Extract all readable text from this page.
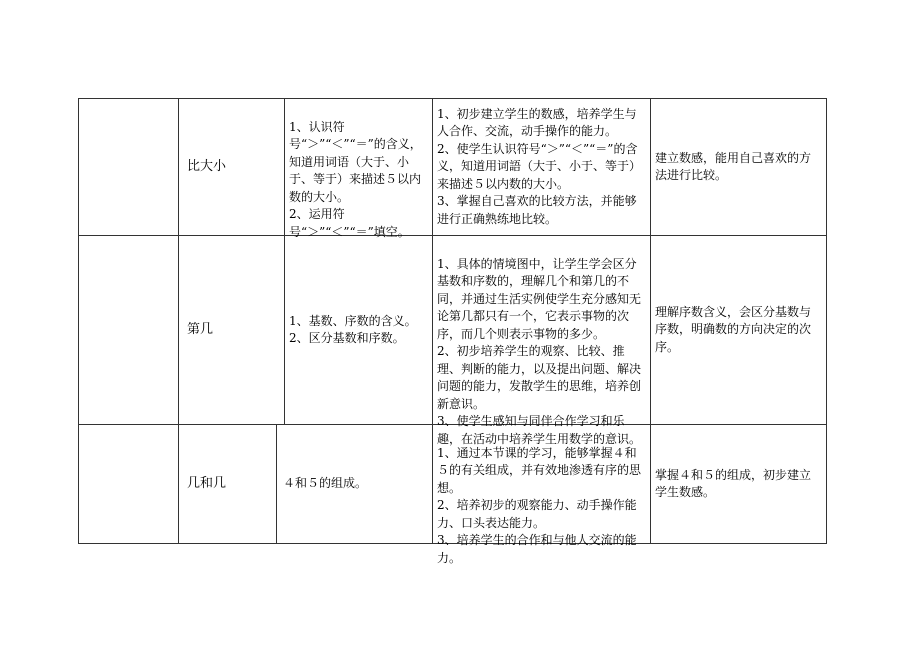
比大小

1、认识符号“＞”“＜”“＝”的含义，知道用词语（大于、小于、等于）来描述５以内数的大小。
2、运用符号“＞”“＜”“＝”填空。

1、初步建立学生的数感，培养学生与人合作、交流，动手操作的能力。
2、使学生认识符号“＞”“＜”“＝”的含义，知道用词語（大于、小于、等于）来描述５以内数的大小。
3、掌握自己喜欢的比较方法，并能够进行正确熟练地比较。
建立数感，能用自己喜欢的方法进行比较。
第几
1、基数、序数的含义。
2、区分基数和序数。

1、具体的情境图中，让学生学会区分基数和序数的，理解几个和第几的不同，并通过生活实例使学生充分感知无论第几都只有一个，它表示事物的次序，而几个则表示事物的多少。
2、初步培养学生的观察、比较、推理、判断的能力，以及提出问题、解决问题的能力，发散学生的思维，培养创新意识。
3、使学生感知与同伴合作学习和乐趣，在活动中培养学生用数学的意识。

理解序数含义，会区分基数与序数，明确数的方向决定的次序。
几和几	４和５的组成。

1、通过本节课的学习，能够掌握４和５的有关组成，并有效地渗透有序的思想。
2、培养初步的观察能力、动手操作能力、口头表达能力。
3、培养学生的合作和与他人交流的能力。

掌握４和５的组成，初步建立学生数感。
